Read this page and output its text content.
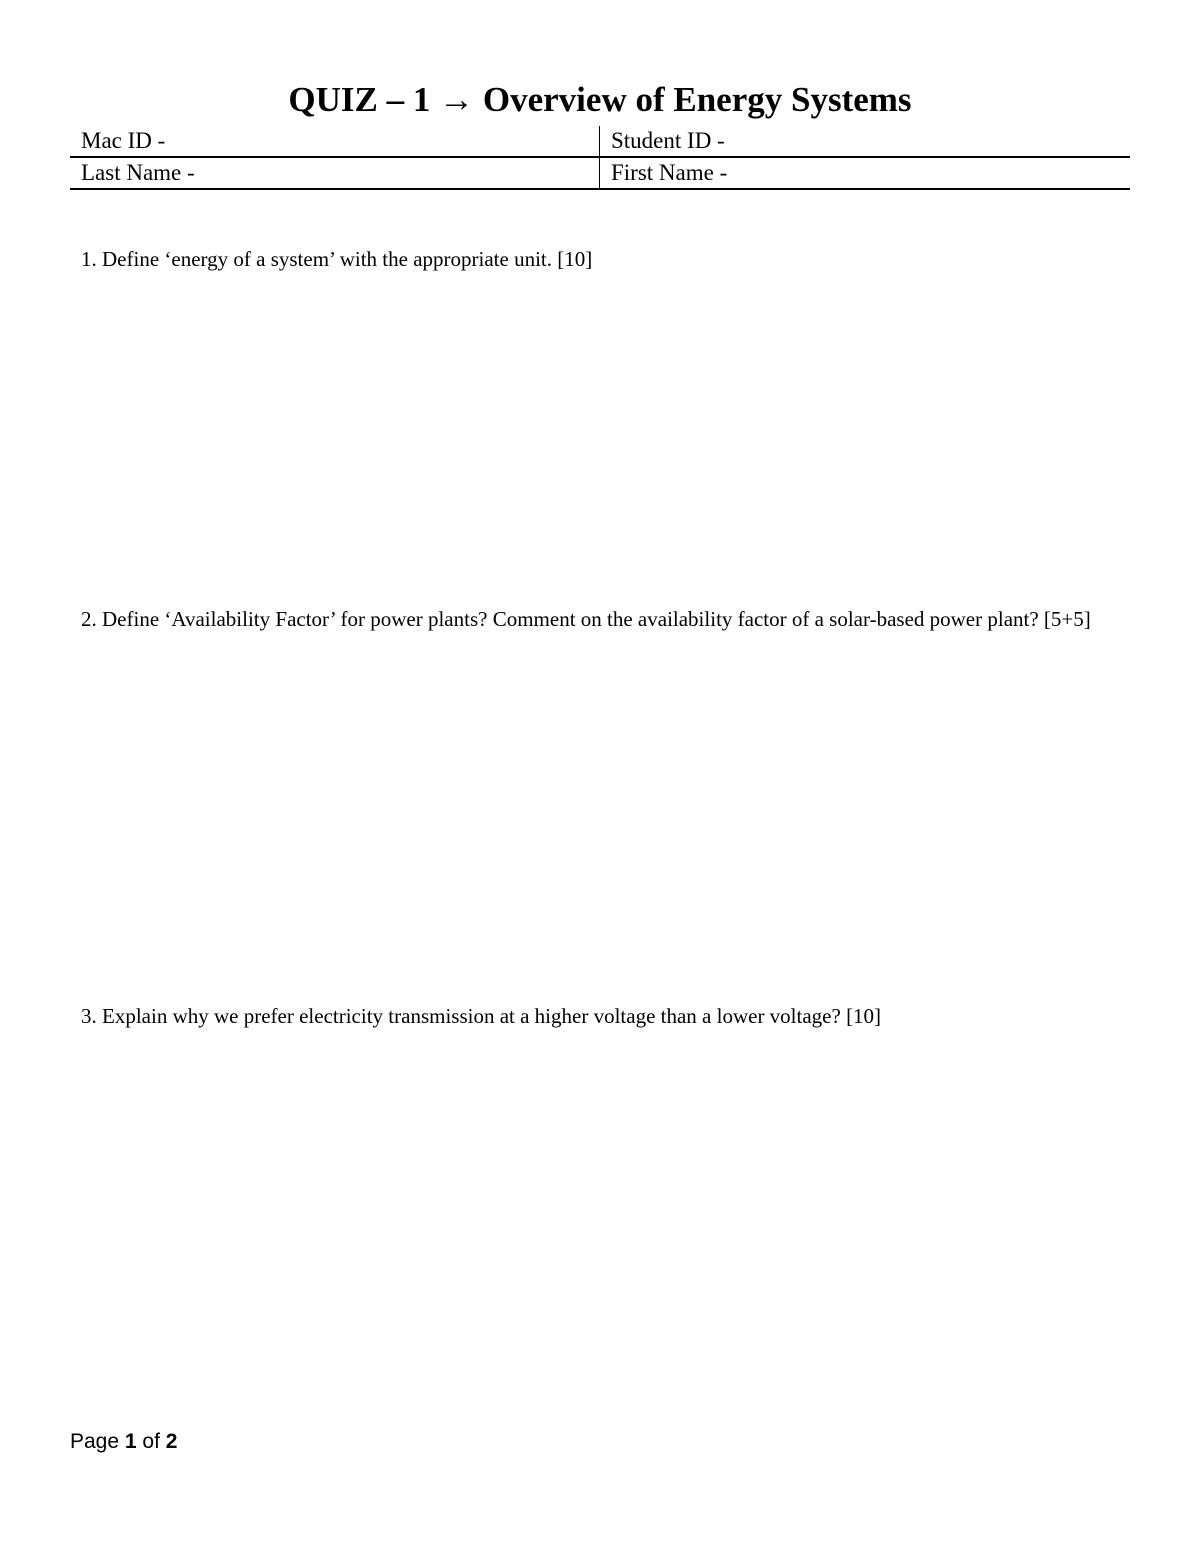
QUIZ – 1 → Overview of Energy Systems
Mac ID -	Student ID -
Last Name -	First Name -
1. Define ‘energy of a system’ with the appropriate unit. [10]
2. Define ‘Availability Factor’ for power plants? Comment on the availability factor of a solar-based power plant? [5+5]
3. Explain why we prefer electricity transmission at a higher voltage than a lower voltage? [10]
Page 1 of 2
